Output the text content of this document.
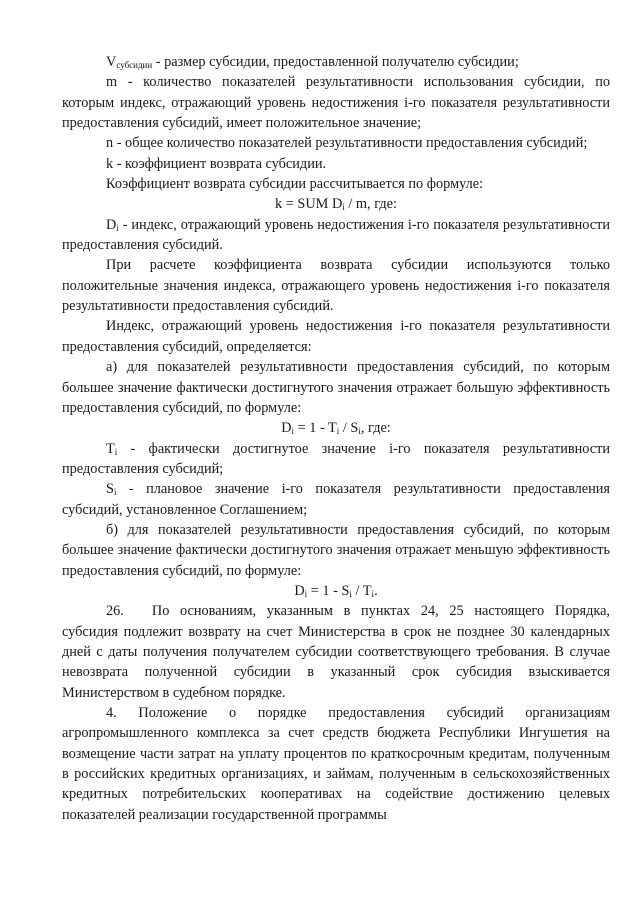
$V_{субсидии}$ - размер субсидии, предоставленной получателю субсидии;

m - количество показателей результативности использования субсидии, по которым индекс, отражающий уровень недостижения i-го показателя результативности предоставления субсидий, имеет положительное значение;

n - общее количество показателей результативности предоставления субсидий;

k - коэффициент возврата субсидии.

Коэффициент возврата субсидии рассчитывается по формуле:

k = SUM $D_i$ / m, где:

$D_i$ - индекс, отражающий уровень недостижения i-го показателя результативности предоставления субсидий.

При расчете коэффициента возврата субсидии используются только положительные значения индекса, отражающего уровень недостижения i-го показателя результативности предоставления субсидий.

Индекс, отражающий уровень недостижения i-го показателя результативности предоставления субсидий, определяется:

а) для показателей результативности предоставления субсидий, по которым большее значение фактически достигнутого значения отражает большую эффективность предоставления субсидий, по формуле:

$D_i = 1 - T_i / S_i$, где:

$T_i$ - фактически достигнутое значение i-го показателя результативности предоставления субсидий;

$S_i$ - плановое значение i-го показателя результативности предоставления субсидий, установленное Соглашением;

б) для показателей результативности предоставления субсидий, по которым большее значение фактически достигнутого значения отражает меньшую эффективность предоставления субсидий, по формуле:

$D_i = 1 - S_i / T_i$.

26. По основаниям, указанным в пунктах 24, 25 настоящего Порядка, субсидия подлежит возврату на счет Министерства в срок не позднее 30 календарных дней с даты получения получателем субсидии соответствующего требования. В случае невозврата полученной субсидии в указанный срок субсидия взыскивается Министерством в судебном порядке.

4. Положение о порядке предоставления субсидий организациям агропромышленного комплекса за счет средств бюджета Республики Ингушетия на возмещение части затрат на уплату процентов по краткосрочным кредитам, полученным в российских кредитных организациях, и займам, полученным в сельскохозяйственных кредитных потребительских кооперативах на содействие достижению целевых показателей реализации государственной программы
